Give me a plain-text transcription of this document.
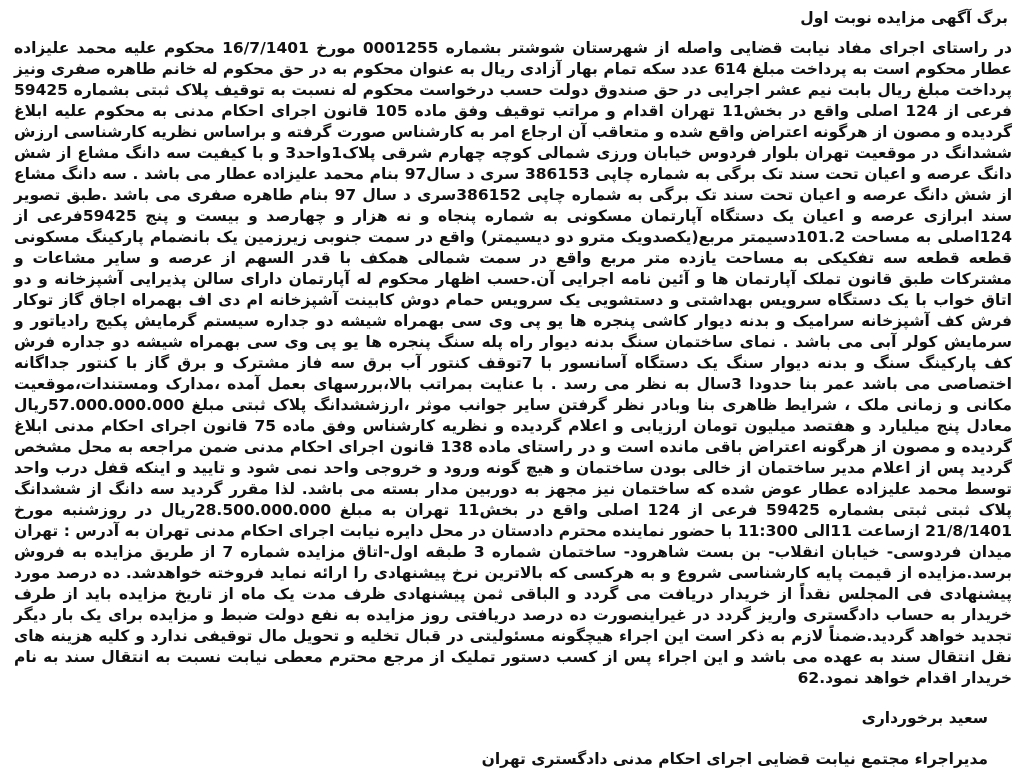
برگ آگهی مزایده نوبت اول

در راستای اجرای مفاد نیابت قضایی واصله از شهرستان شوشتر بشماره 0001255 مورخ 16/7/1401 محکوم علیه محمد علیزاده عطار محکوم است به پرداخت مبلغ 614 عدد سکه تمام بهار آزادی ریال به عنوان محکوم به در حق محکوم له خانم طاهره صفری ونیز پرداخت مبلغ ریال بابت نیم عشر اجرایی در حق صندوق دولت حسب درخواست محکوم له نسبت به توقیف پلاک ثبتی بشماره 59425 فرعی از 124 اصلی واقع در بخش11 تهران اقدام و مراتب توقیف وفق ماده 105 قانون اجرای احکام مدنی به محکوم علیه ابلاغ گردیده و مصون از هرگونه اعتراض واقع شده و متعاقب آن ارجاع امر به کارشناس صورت گرفته و براساس نظریه کارشناسی ارزش ششدانگ در موقعیت تهران بلوار فردوس خیابان ورزی شمالی کوچه چهارم شرقی پلاک1واحد3 و با کیفیت سه دانگ مشاع از شش دانگ عرصه و اعیان تحت سند تک برگی به شماره چاپی 386153 سری د سال97 بنام محمد علیزاده عطار می باشد . سه دانگ مشاع از شش دانگ عرصه و اعیان تحت سند تک برگی به شماره چاپی 386152سری د سال 97 بنام طاهره صفری می باشد .طبق تصویر سند ابرازی عرصه و اعیان یک دستگاه آپارتمان مسکونی به شماره پنجاه و نه هزار و چهارصد و بیست و پنج 59425فرعی از 124اصلی به مساحت 101.2دسیمتر مربع(یکصدویک مترو دو دیسیمتر) واقع در سمت جنوبی زیرزمین یک بانضمام پارکینگ مسکونی قطعه قطعه سه تفکیکی به مساحت یازده متر مربع واقع در سمت شمالی همکف با قدر السهم از عرصه و سایر مشاعات و مشترکات طبق قانون تملک آپارتمان ها و آئین نامه اجرایی آن.حسب اظهار محکوم له آپارتمان دارای سالن پذیرایی آشپزخانه و دو اتاق خواب با یک دستگاه سرویس بهداشتی و دستشویی یک سرویس حمام دوش کابینت آشپزخانه ام دی اف بهمراه اجاق گاز توکار فرش کف آشپزخانه سرامیک و بدنه دیوار کاشی پنجره ها یو پی وی سی بهمراه شیشه دو جداره سیستم گرمایش پکیج رادیاتور و سرمایش کولر آبی می باشد . نمای ساختمان سنگ بدنه دیوار راه پله سنگ پنجره ها یو پی وی سی بهمراه شیشه دو جداره فرش کف پارکینگ سنگ و بدنه دیوار سنگ یک دستگاه آسانسور با 7توقف کنتور آب برق سه فاز مشترک و برق گاز با کنتور جداگانه اختصاصی می باشد عمر بنا حدودا 3سال به نظر می رسد . با عنایت بمراتب بالا،بررسهای بعمل آمده ،مدارک ومستندات،موقعیت مکانی و زمانی ملک ، شرایط ظاهری بنا وبادر نظر گرفتن سایر جوانب موثر ،ارزششدانگ پلاک ثبتی مبلغ 57.000.000.000ریال معادل پنج میلیارد و هفتصد میلیون تومان ارزیابی و اعلام گردیده و نظریه کارشناس وفق ماده 75 قانون اجرای احکام مدنی ابلاغ گردیده و مصون از هرگونه اعتراض باقی مانده است و در راستای ماده 138 قانون اجرای احکام مدنی ضمن مراجعه به محل مشخص گردید پس از اعلام مدیر ساختمان از خالی بودن ساختمان و هیچ گونه ورود و خروجی واحد نمی شود و تایید و اینکه قفل درب واحد توسط محمد علیزاده عطار عوض شده که ساختمان نیز مجهز به دوربین مدار بسته می باشد. لذا مقرر گردید سه دانگ از ششدانگ پلاک ثبتی ثبتی بشماره 59425 فرعی از 124 اصلی واقع در بخش11 تهران به مبلغ 28.500.000.000ریال در روزشنبه مورخ 21/8/1401 ازساعت 11الی 11:300 با حضور نماینده محترم دادستان در محل دایره نیابت اجرای احکام مدنی تهران به آدرس : تهران میدان فردوسی- خیابان انقلاب- بن بست شاهرود- ساختمان شماره 3 طبقه اول-اتاق مزایده شماره 7 از طریق مزایده به فروش برسد.مزایده از قیمت پایه کارشناسی شروع و به هرکسی که بالاترین نرخ پیشنهادی را ارائه نماید فروخته خواهدشد. ده درصد مورد پیشنهادی فی المجلس نقداً از خریدار دریافت می گردد و الباقی ثمن پیشنهادی ظرف مدت یک ماه از تاریخ مزایده باید از طرف خریدار به حساب دادگستری واریز گردد در غیراینصورت ده درصد دریافتی روز مزایده به نفع دولت ضبط و مزایده برای یک بار دیگر تجدید خواهد گردید.ضمناً لازم به ذکر است این اجراء هیچگونه مسئولیتی در قبال تخلیه و تحویل مال توقیفی ندارد و کلیه هزینه های نقل انتقال سند به عهده می باشد و این اجراء پس از کسب دستور تملیک از مرجع محترم معطی نیابت نسبت به انتقال سند به نام خریدار اقدام خواهد نمود.62

سعید برخورداری
مدیراجراء مجتمع نیابت قضایی اجرای احکام مدنی دادگستری تهران
